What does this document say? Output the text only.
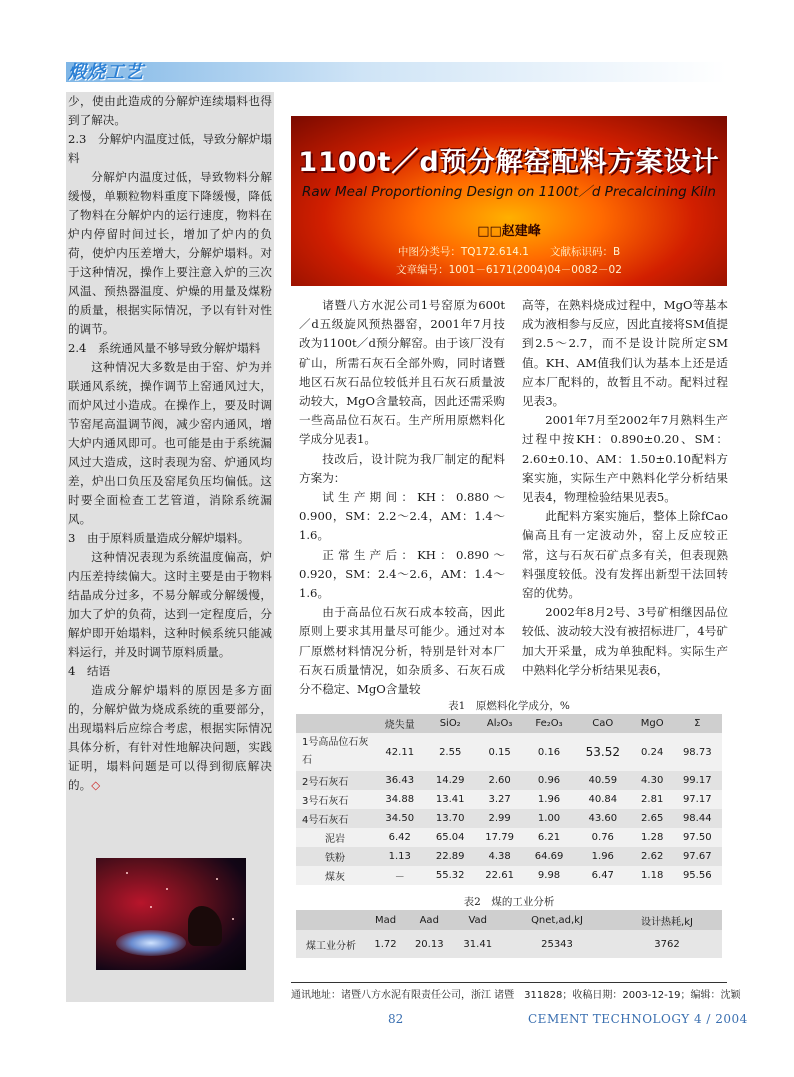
煅烧工艺

少，使由此造成的分解炉连续塌料也得到了解决。

2.3　分解炉内温度过低，导致分解炉塌料

分解炉内温度过低，导致物料分解缓慢，单颗粒物料重度下降缓慢，降低了物料在分解炉内的运行速度，物料在炉内停留时间过长，增加了炉内的负荷，使炉内压差增大，分解炉塌料。对于这种情况，操作上要注意入炉的三次风温、预热器温度、炉燥的用量及煤粉的质量，根据实际情况，予以有针对性的调节。

2.4　系统通风量不够导致分解炉塌料

这种情况大多数是由于窑、炉为并联通风系统，操作调节上窑通风过大，而炉风过小造成。在操作上，要及时调节窑尾高温调节阀，减少窑内通风，增大炉内通风即可。也可能是由于系统漏风过大造成，这时表现为窑、炉通风均差，炉出口负压及窑尾负压均偏低。这时要全面检查工艺管道，消除系统漏风。

3　由于原料质量造成分解炉塌料。

这种情况表现为系统温度偏高，炉内压差持续偏大。这时主要是由于物料结晶成分过多，不易分解或分解缓慢，加大了炉的负荷，达到一定程度后，分解炉即开始塌料，这种时候系统只能减料运行，并及时调节原料质量。

4　结语

造成分解炉塌料的原因是多方面的，分解炉做为烧成系统的重要部分，出现塌料后应综合考虑，根据实际情况具体分析，有针对性地解决问题，实践证明，塌料问题是可以得到彻底解决的。◇

1100t／d预分解窑配料方案设计
Raw Meal Proportioning Design on 1100t／d Precalcining Kiln
□□赵建峰
中图分类号：TQ172.614.1　　文献标识码：B
文章编号：1001－6171(2004)04－0082－02

诸暨八方水泥公司1号窑原为600t／d五级旋风预热器窑，2001年7月技改为1100t／d预分解窑。由于该厂没有矿山，所需石灰石全部外购，同时诸暨地区石灰石品位较低并且石灰石质量波动较大，MgO含量较高，因此还需采购一些高品位石灰石。生产所用原燃料化学成分见表1。

技改后，设计院为我厂制定的配料方案为：

试生产期间：KH：0.880～0.900，SM：2.2～2.4，AM：1.4～1.6。

正常生产后：KH：0.890～0.920，SM：2.4～2.6，AM：1.4～1.6。

由于高品位石灰石成本较高，因此原则上要求其用量尽可能少。通过对本厂原燃材料情况分析，特别是针对本厂石灰石质量情况，如杂质多、石灰石成分不稳定、MgO含量较

高等，在熟料烧成过程中，MgO等基本成为液相参与反应，因此直接将SM值提到2.5～2.7，而不是设计院所定SM值。KH、AM值我们认为基本上还是适应本厂配料的，故暂且不动。配料过程见表3。

2001年7月至2002年7月熟料生产过程中按KH：0.890±0.20、SM：2.60±0.10、AM：1.50±0.10配料方案实施，实际生产中熟料化学分析结果见表4，物理检验结果见表5。

此配料方案实施后，整体上除fCao偏高且有一定波动外，窑上反应较正常，这与石灰石矿点多有关，但表现熟料强度较低。没有发挥出新型干法回转窑的优势。

2002年8月2号、3号矿相继因品位较低、波动较大没有被招标进厂，4号矿加大开采量，成为单独配料。实际生产中熟料化学分析结果见表6，

表1　原燃料化学成分，%
	烧失量	SiO₂	Al₂O₃	Fe₂O₃	CaO	MgO	Σ
1号高品位石灰石	42.11	2.55	0.15	0.16	53.52	0.24	98.73
2号石灰石	36.43	14.29	2.60	0.96	40.59	4.30	99.17
3号石灰石	34.88	13.41	3.27	1.96	40.84	2.81	97.17
4号石灰石	34.50	13.70	2.99	1.00	43.60	2.65	98.44
泥岩	6.42	65.04	17.79	6.21	0.76	1.28	97.50
铁粉	1.13	22.89	4.38	64.69	1.96	2.62	97.67
煤灰	－	55.32	22.61	9.98	6.47	1.18	95.56
表2　煤的工业分析
	Mad	Aad	Vad	Qnet,ad,kJ	设计热耗,kJ
煤工业分析	1.72	20.13	31.41	25343	3762
通讯地址：诸暨八方水泥有限责任公司，浙江 诸暨　311828；收稿日期：2003-12-19；编辑：沈颖
82	CEMENT TECHNOLOGY 4 / 2004
